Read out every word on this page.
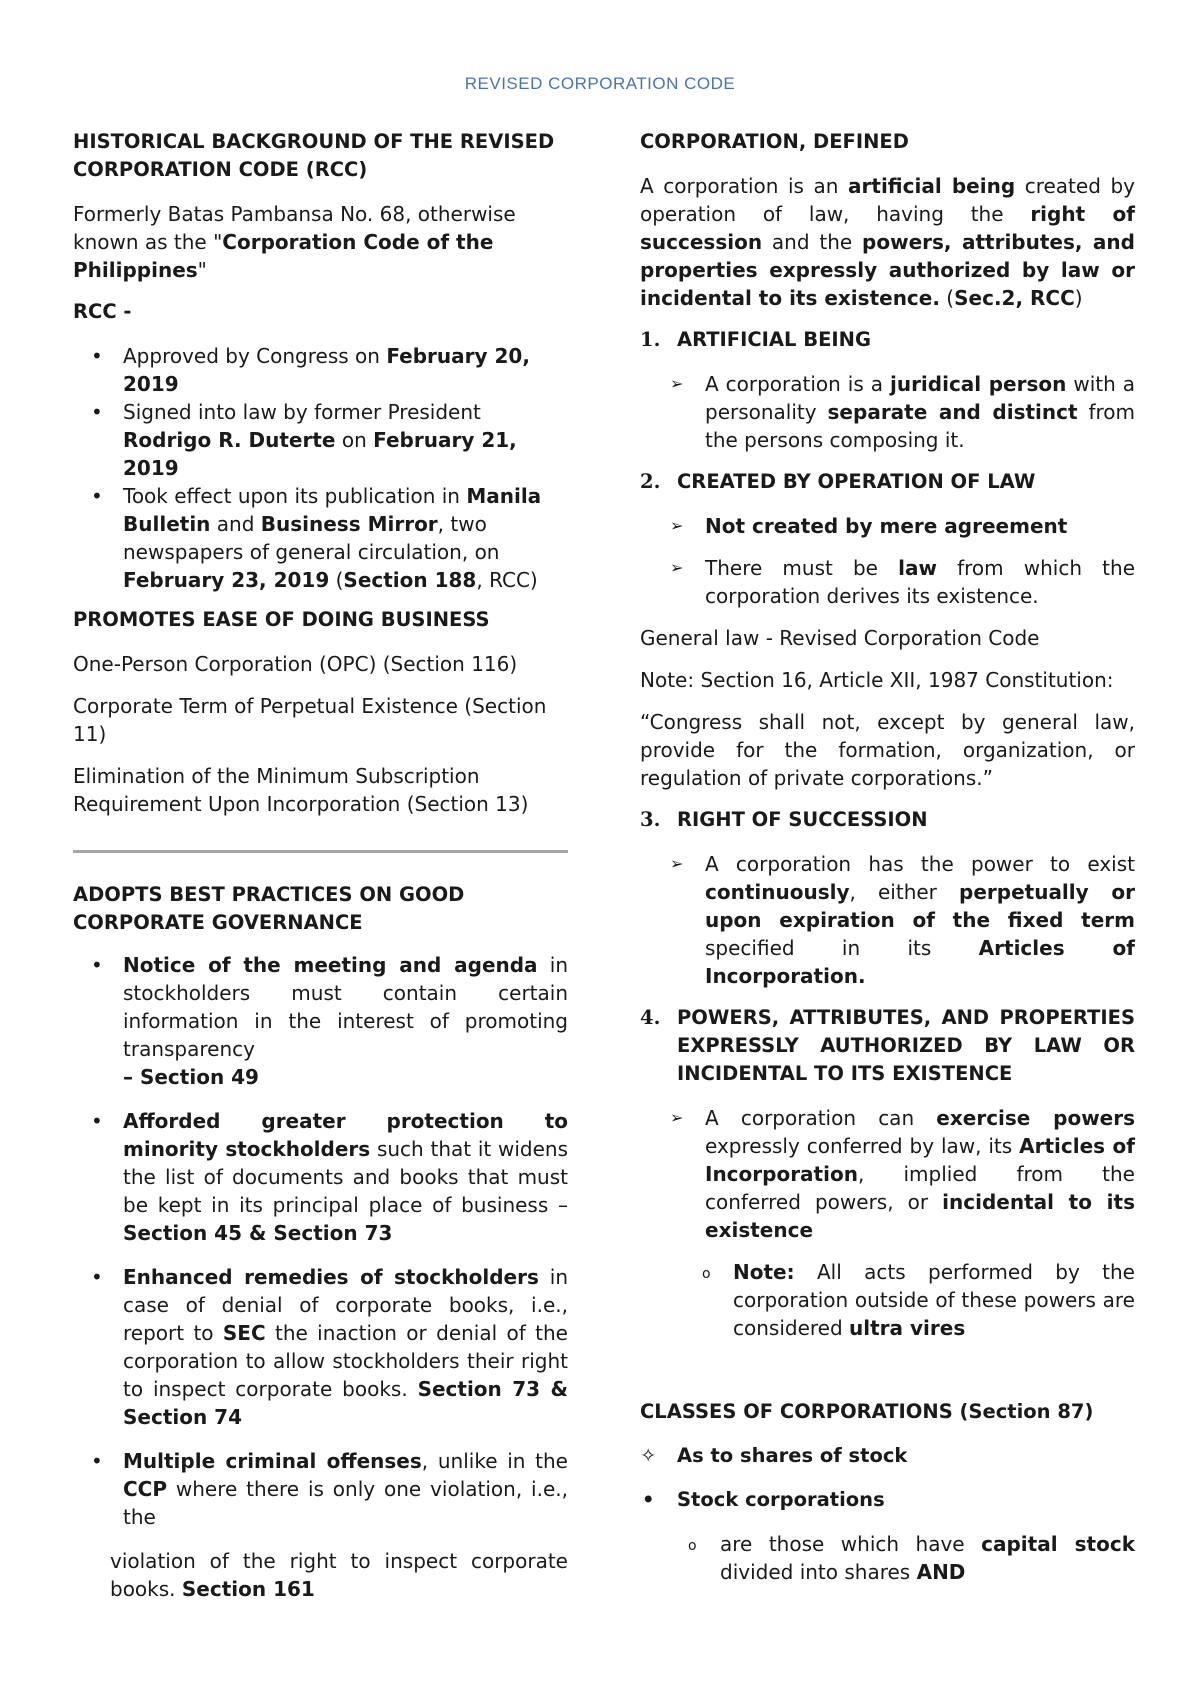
REVISED CORPORATION CODE
HISTORICAL BACKGROUND OF THE REVISED CORPORATION CODE (RCC)
Formerly Batas Pambansa No. 68, otherwise known as the "Corporation Code of the Philippines"
RCC -
• Approved by Congress on February 20, 2019
• Signed into law by former President Rodrigo R. Duterte on February 21, 2019
• Took effect upon its publication in Manila Bulletin and Business Mirror, two newspapers of general circulation, on February 23, 2019 (Section 188, RCC)
PROMOTES EASE OF DOING BUSINESS
One-Person Corporation (OPC) (Section 116)
Corporate Term of Perpetual Existence (Section 11)
Elimination of the Minimum Subscription Requirement Upon Incorporation (Section 13)
ADOPTS BEST PRACTICES ON GOOD CORPORATE GOVERNANCE
• Notice of the meeting and agenda in stockholders must contain certain information in the interest of promoting transparency
– Section 49
• Afforded greater protection to minority stockholders such that it widens the list of documents and books that must be kept in its principal place of business – Section 45 & Section 73
• Enhanced remedies of stockholders in case of denial of corporate books, i.e., report to SEC the inaction or denial of the corporation to allow stockholders their right to inspect corporate books. Section 73 & Section 74
• Multiple criminal offenses, unlike in the CCP where there is only one violation, i.e., the
violation of the right to inspect corporate books. Section 161
CORPORATION, DEFINED
A corporation is an artificial being created by operation of law, having the right of succession and the powers, attributes, and properties expressly authorized by law or incidental to its existence. (Sec.2, RCC)
1. ARTIFICIAL BEING
➢ A corporation is a juridical person with a personality separate and distinct from the persons composing it.
2. CREATED BY OPERATION OF LAW
➢ Not created by mere agreement
➢ There must be law from which the corporation derives its existence.
General law - Revised Corporation Code
Note: Section 16, Article XII, 1987 Constitution:
“Congress shall not, except by general law, provide for the formation, organization, or regulation of private corporations.”
3. RIGHT OF SUCCESSION
➢ A corporation has the power to exist continuously, either perpetually or upon expiration of the fixed term specified in its Articles of Incorporation.
4. POWERS, ATTRIBUTES, AND PROPERTIES EXPRESSLY AUTHORIZED BY LAW OR INCIDENTAL TO ITS EXISTENCE
➢ A corporation can exercise powers expressly conferred by law, its Articles of Incorporation, implied from the conferred powers, or incidental to its existence
o Note: All acts performed by the corporation outside of these powers are considered ultra vires
CLASSES OF CORPORATIONS (Section 87)
✧ As to shares of stock
• Stock corporations
o are those which have capital stock divided into shares AND
